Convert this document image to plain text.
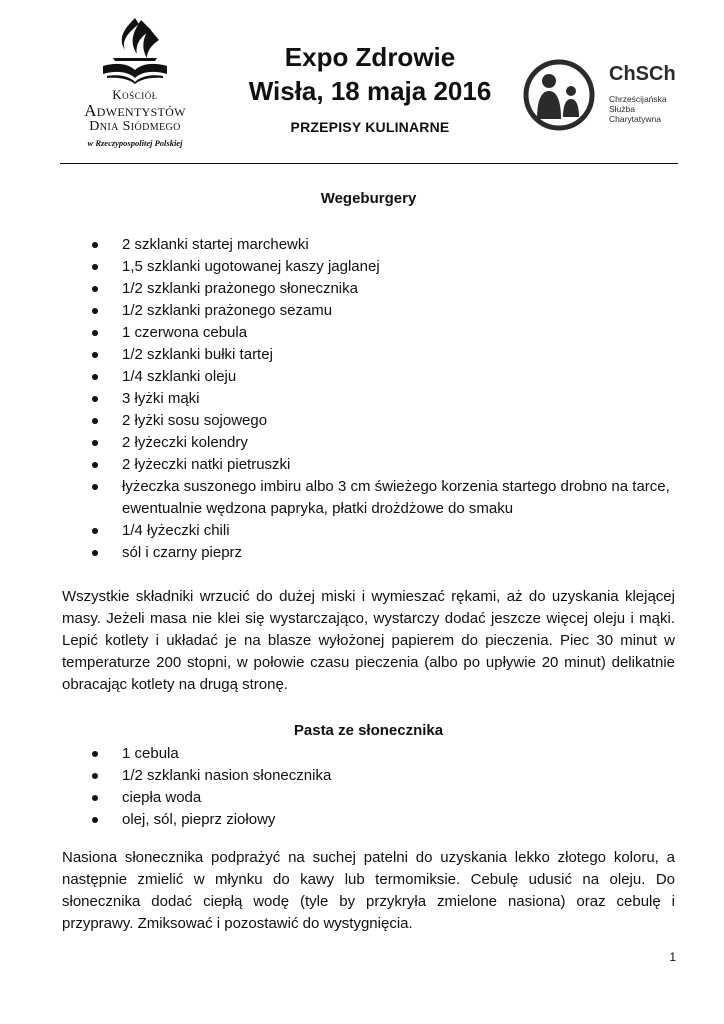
Kościół
Adwentystów
Dnia Siódmego
w Rzeczypospolitej Polskiej
Expo Zdrowie
Wisła, 18 maja 2016
PRZEPISY KULINARNE
ChSCh
Chrześcijańska
Służba Charytatywna
Wegeburgery
2 szklanki startej marchewki
1,5 szklanki ugotowanej kaszy jaglanej
1/2 szklanki prażonego słonecznika
1/2 szklanki prażonego sezamu
1 czerwona cebula
1/2 szklanki bułki tartej
1/4 szklanki oleju
3 łyżki mąki
2 łyżki sosu sojowego
2 łyżeczki kolendry
2 łyżeczki natki pietruszki
łyżeczka suszonego imbiru albo 3 cm świeżego korzenia startego drobno na tarce, ewentualnie wędzona papryka, płatki drożdżowe do smaku
1/4 łyżeczki chili
sól i czarny pieprz

Wszystkie składniki wrzucić do dużej miski i wymieszać rękami, aż do uzyskania klejącej masy. Jeżeli masa nie klei się wystarczająco, wystarczy dodać jeszcze więcej oleju i mąki. Lepić kotlety i układać je na blasze wyłożonej papierem do pieczenia. Piec 30 minut w temperaturze 200 stopni, w połowie czasu pieczenia (albo po upływie 20 minut) delikatnie obracając kotlety na drugą stronę.

Pasta ze słonecznika
1 cebula
1/2 szklanki nasion słonecznika
ciepła woda
olej, sól, pieprz ziołowy

Nasiona słonecznika podprażyć na suchej patelni do uzyskania lekko złotego koloru, a następnie zmielić w młynku do kawy lub termomiksie. Cebulę udusić na oleju. Do słonecznika dodać ciepłą wodę (tyle by przykryła zmielone nasiona) oraz cebulę i przyprawy. Zmiksować i pozostawić do wystygnięcia.

1
